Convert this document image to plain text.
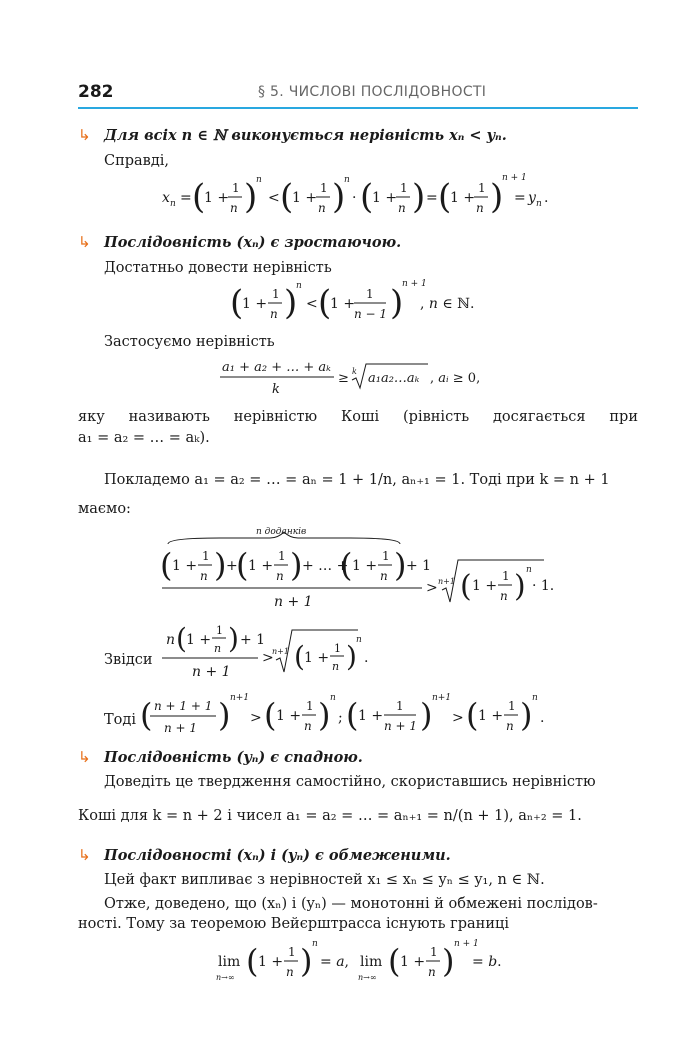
282	§ 5. ЧИСЛОВІ ПОСЛІДОВНОСТІ
↳ Для всіх n ∈ ℕ виконується нерівність xₙ < yₙ.
Справді,
x n = (
1 +
1
n )
n
< (
1 +
1
n )
n
· (
1 +
1
n ) = (
1 +
1
n )
n + 1
= y n .
↳ Послідовність (xₙ) є зростаючою.
Достатньо довести нерівність
(
1 +
1
n )
n
< (
1 +
1
n − 1 )
n + 1
, n ∈ ℕ.
Застосуємо нерівність
a₁ + a₂ + … + aₖ
k
≥ k a₁a₂…aₖ , aᵢ ≥ 0,
яку називають нерівністю Коші (рівність досягається при
a₁ = a₂ = … = aₖ).
Покладемо a₁ = a₂ = … = aₙ = 1 + 1/n, aₙ₊₁ = 1. Тоді при k = n + 1
маємо:
n доданків
( 1 +
1
n ) +
( 1 +
1
n ) + … +
( 1 +
1
n ) + 1
n + 1
> n+1 ( 1 +
1
n ) n
· 1.
Звідси
n ( 1 +
1
n ) + 1
n + 1
>
n+1 ( 1 +
1
n ) n
.
Тоді ( n + 1 + 1
n + 1 ) n+1
> ( 1 +
1
n ) n
; ( 1 +
1
n + 1 ) n+1
> ( 1 +
1
n ) n
.
↳ Послідовність (yₙ) є спадною.
Доведіть це твердження самостійно, скориставшись нерівністю
Коші для k = n + 2 і чисел a₁ = a₂ = … = aₙ₊₁ = n/(n + 1), aₙ₊₂ = 1.
↳ Послідовності (xₙ) і (yₙ) є обмеженими.
Цей факт випливає з нерівностей x₁ ≤ xₙ ≤ yₙ ≤ y₁, n ∈ ℕ.
Отже, доведено, що (xₙ) і (yₙ) — монотонні й обмежені послідов-
ності. Тому за теоремою Вейєрштрасса існують границі
lim
n→∞ ( 1 +
1
n ) n
= a, lim
n→∞ ( 1 +
1
n ) n + 1
= b.
